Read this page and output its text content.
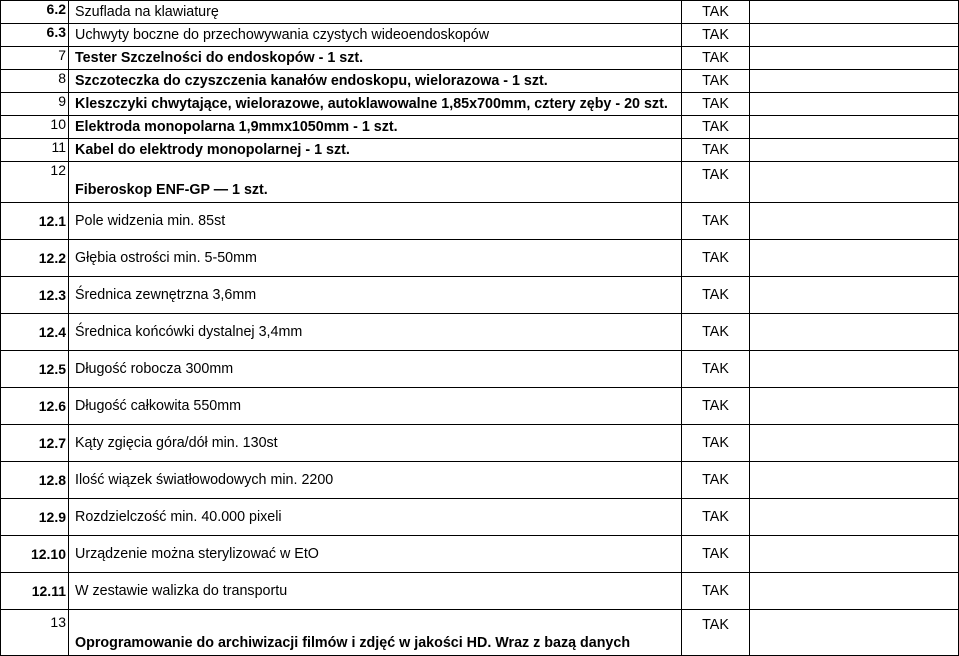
6.2	Szuflada na klawiaturę	TAK	
6.3	Uchwyty boczne do przechowywania czystych wideoendoskopów	TAK	
7	Tester Szczelności do endoskopów - 1 szt.	TAK	
8	Szczoteczka do czyszczenia kanałów endoskopu, wielorazowa - 1 szt.	TAK	
9	Kleszczyki chwytające, wielorazowe, autoklawowalne 1,85x700mm, cztery zęby - 20 szt.	TAK	
10	Elektroda monopolarna 1,9mmx1050mm - 1 szt.	TAK	
11	Kabel do elektrody monopolarnej - 1 szt.	TAK	
12	Fiberoskop ENF-GP — 1 szt.	TAK	
12.1	Pole widzenia min. 85st	TAK	
12.2	Głębia ostrości min. 5-50mm	TAK	
12.3	Średnica zewnętrzna 3,6mm	TAK	
12.4	Średnica końcówki dystalnej 3,4mm	TAK	
12.5	Długość robocza 300mm	TAK	
12.6	Długość całkowita 550mm	TAK	
12.7	Kąty zgięcia góra/dół min. 130st	TAK	
12.8	Ilość wiązek światłowodowych min. 2200	TAK	
12.9	Rozdzielczość min. 40.000 pixeli	TAK	
12.10	Urządzenie można sterylizować w EtO	TAK	
12.11	W zestawie walizka do transportu	TAK	
13	Oprogramowanie do archiwizacji filmów i zdjęć w jakości HD. Wraz z bazą danych	TAK	
